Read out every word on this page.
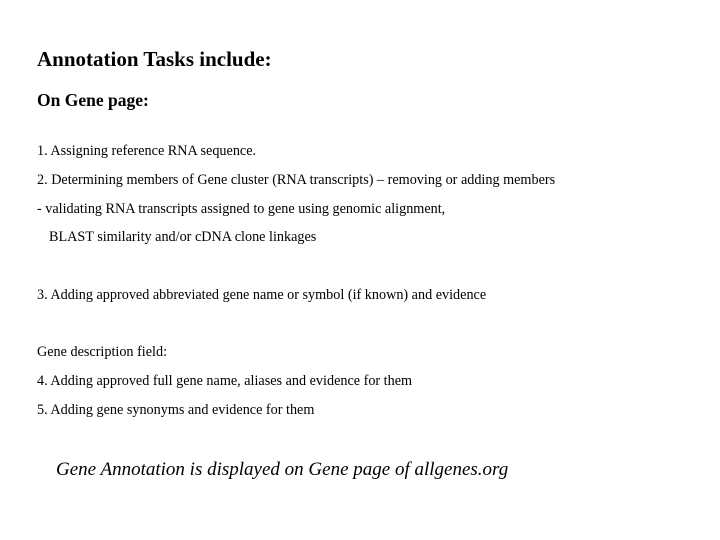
Annotation Tasks include:

On Gene page:

1. Assigning reference RNA sequence.

2. Determining members of Gene cluster (RNA transcripts) – removing or adding members

- validating RNA transcripts assigned to gene using genomic alignment,

BLAST similarity and/or cDNA clone linkages

3. Adding approved abbreviated gene name or symbol (if known) and evidence

Gene description field:

4. Adding approved full gene name, aliases and evidence for them

5. Adding gene synonyms and evidence for them

Gene Annotation is displayed on Gene page of allgenes.org
